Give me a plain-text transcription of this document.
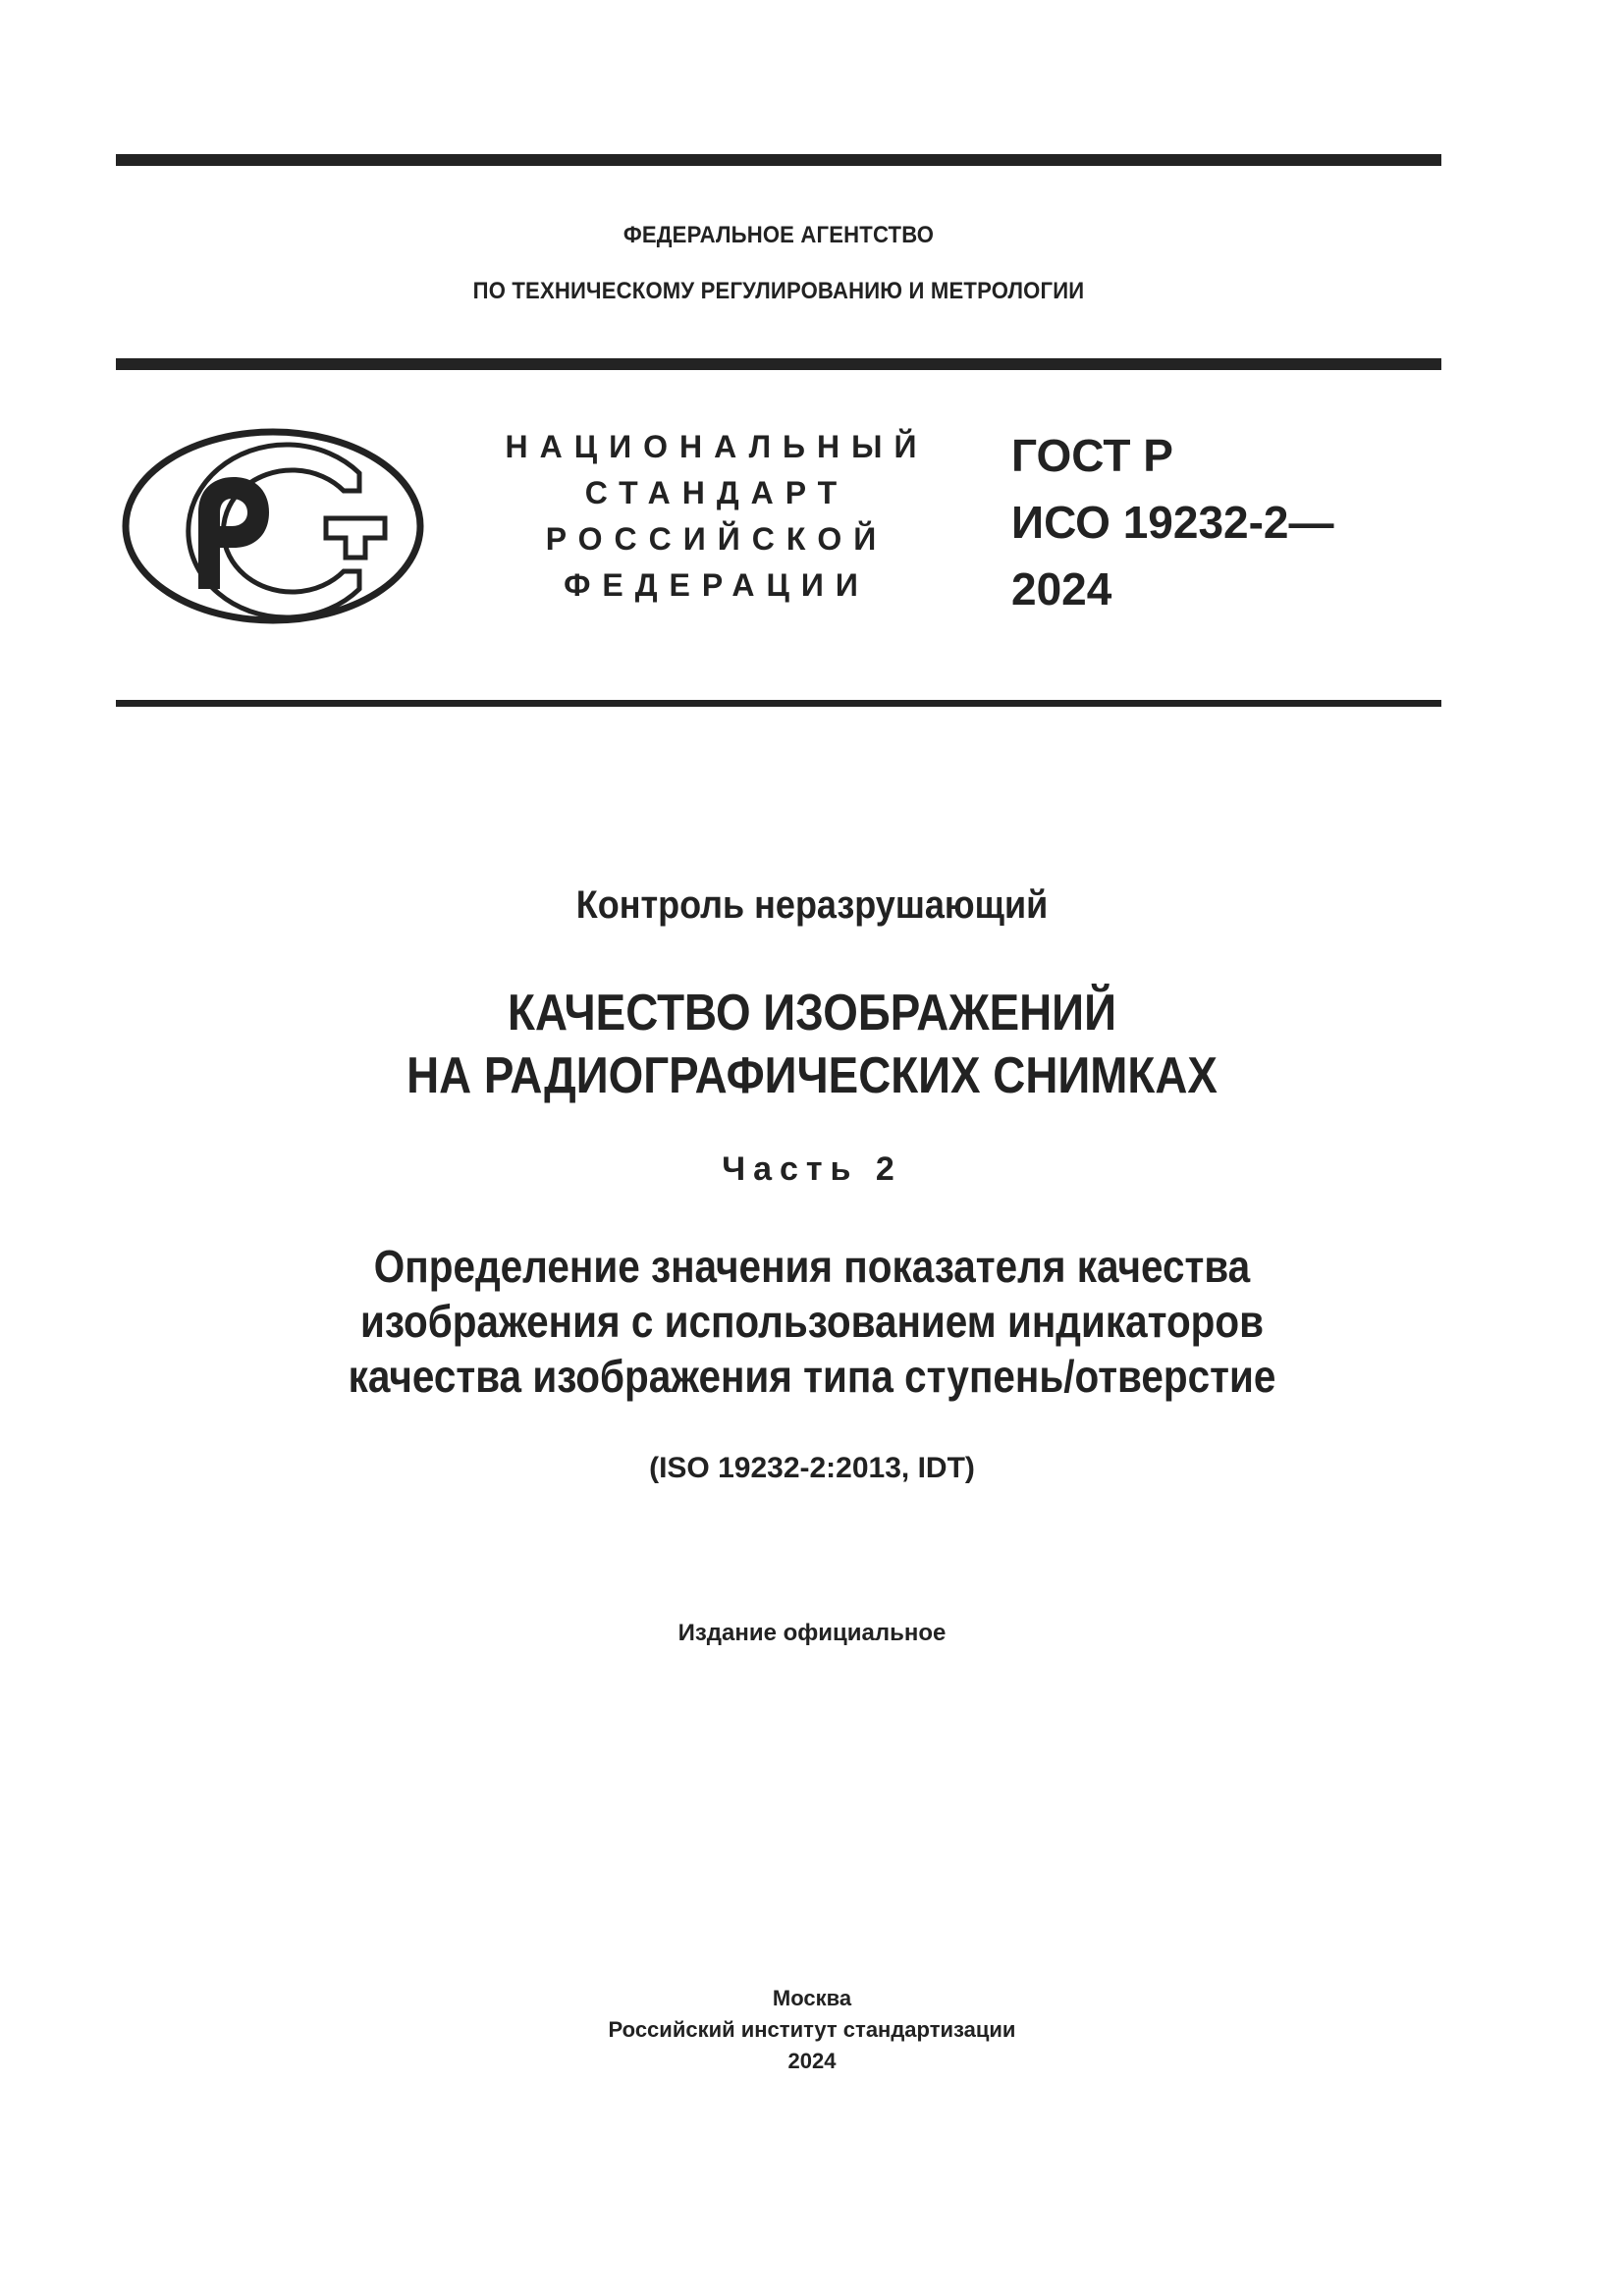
ФЕДЕРАЛЬНОЕ АГЕНТСТВО
ПО ТЕХНИЧЕСКОМУ РЕГУЛИРОВАНИЮ И МЕТРОЛОГИИ
НАЦИОНАЛЬНЫЙ
СТАНДАРТ
РОССИЙСКОЙ
ФЕДЕРАЦИИ
ГОСТ Р
ИСО 19232-2—
2024
Контроль неразрушающий
КАЧЕСТВО ИЗОБРАЖЕНИЙ
НА РАДИОГРАФИЧЕСКИХ СНИМКАХ
Часть 2
Определение значения показателя качества
изображения с использованием индикаторов
качества изображения типа ступень/отверстие
(ISO 19232-2:2013, IDT)
Издание официальное
Москва
Российский институт стандартизации
2024
